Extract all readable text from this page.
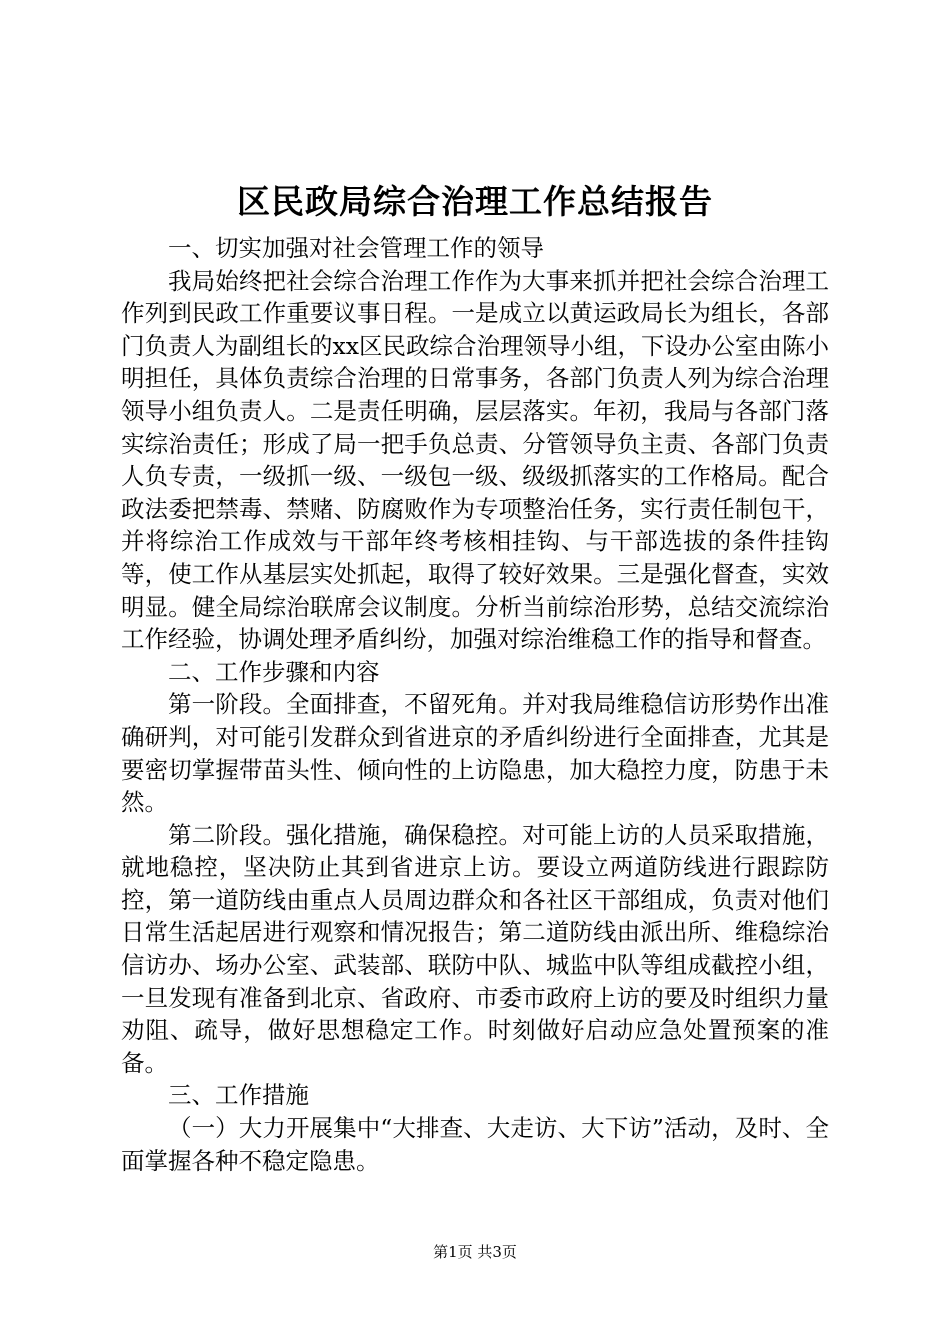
区民政局综合治理工作总结报告

一、切实加强对社会管理工作的领导

我局始终把社会综合治理工作作为大事来抓并把社会综合治理工作列到民政工作重要议事日程。一是成立以黄运政局长为组长，各部门负责人为副组长的xx区民政综合治理领导小组，下设办公室由陈小明担任，具体负责综合治理的日常事务，各部门负责人列为综合治理领导小组负责人。二是责任明确，层层落实。年初，我局与各部门落实综治责任；形成了局一把手负总责、分管领导负主责、各部门负责人负专责，一级抓一级、一级包一级、级级抓落实的工作格局。配合政法委把禁毒、禁赌、防腐败作为专项整治任务，实行责任制包干，并将综治工作成效与干部年终考核相挂钩、与干部选拔的条件挂钩等，使工作从基层实处抓起，取得了较好效果。三是强化督查，实效明显。健全局综治联席会议制度。分析当前综治形势，总结交流综治工作经验，协调处理矛盾纠纷，加强对综治维稳工作的指导和督查。

二、工作步骤和内容

第一阶段。全面排查，不留死角。并对我局维稳信访形势作出准确研判，对可能引发群众到省进京的矛盾纠纷进行全面排查，尤其是要密切掌握带苗头性、倾向性的上访隐患，加大稳控力度，防患于未然。

第二阶段。强化措施，确保稳控。对可能上访的人员采取措施，就地稳控，坚决防止其到省进京上访。要设立两道防线进行跟踪防控，第一道防线由重点人员周边群众和各社区干部组成，负责对他们日常生活起居进行观察和情况报告；第二道防线由派出所、维稳综治信访办、场办公室、武装部、联防中队、城监中队等组成截控小组，一旦发现有准备到北京、省政府、市委市政府上访的要及时组织力量劝阻、疏导，做好思想稳定工作。时刻做好启动应急处置预案的准备。

三、工作措施

（一）大力开展集中“大排查、大走访、大下访”活动，及时、全面掌握各种不稳定隐患。

第1页 共3页
